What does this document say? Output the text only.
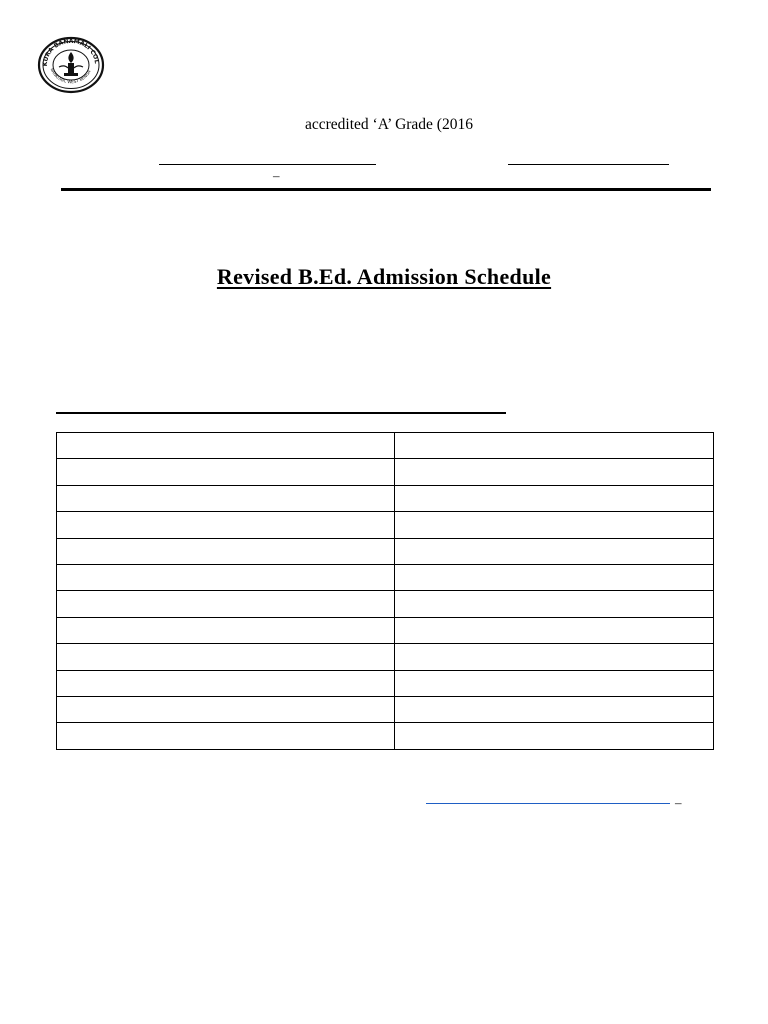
KURA BANAMALI COL
BANKURA, WEST BENGA
accredited ‘A’ Grade (2016
–
Revised B.Ed. Admission Schedule

–
